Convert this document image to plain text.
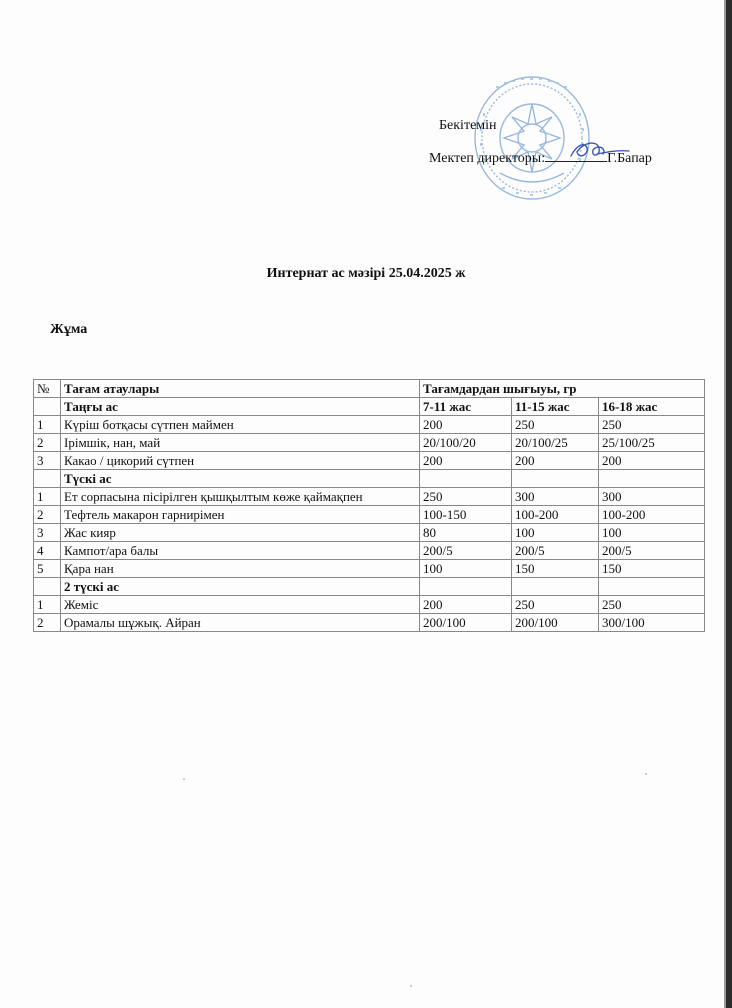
Бекітемін
Мектеп директоры:	Г.Бапар
Интернат ас мәзірі 25.04.2025 ж
Жұма
№	Тағам атаулары	Тағамдардан шығыуы, гр		
	Таңғы ас	7-11 жас	11-15 жас	16-18 жас
1	Күріш ботқасы сүтпен маймен	200	250	250
2	Ірімшік, нан, май	20/100/20	20/100/25	25/100/25
3	Какао / цикорий сүтпен	200	200	200
	Түскі ас			
1	Ет сорпасына пісірілген қышқылтым көже қаймақпен	250	300	300
2	Тефтель макарон гарнирімен	100-150	100-200	100-200
3	Жас кияр	80	100	100
4	Кампот/ара балы	200/5	200/5	200/5
5	Қара нан	100	150	150
	2 түскі ас			
1	Жеміс	200	250	250
2	Орамалы шұжық. Айран	200/100	200/100	300/100
